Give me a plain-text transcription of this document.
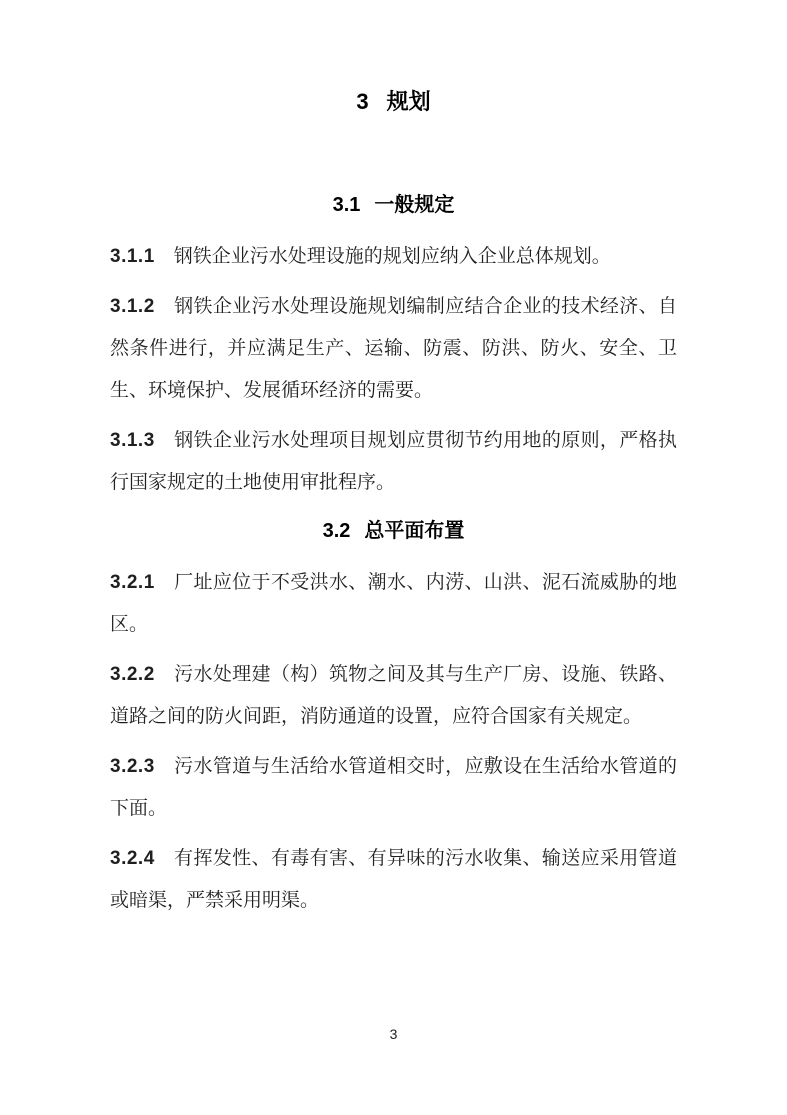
3 规划
3.1 一般规定

3.1.1 钢铁企业污水处理设施的规划应纳入企业总体规划。

3.1.2 钢铁企业污水处理设施规划编制应结合企业的技术经济、自然条件进行，并应满足生产、运输、防震、防洪、防火、安全、卫生、环境保护、发展循环经济的需要。

3.1.3 钢铁企业污水处理项目规划应贯彻节约用地的原则，严格执行国家规定的土地使用审批程序。

3.2 总平面布置

3.2.1 厂址应位于不受洪水、潮水、内涝、山洪、泥石流威胁的地区。

3.2.2 污水处理建（构）筑物之间及其与生产厂房、设施、铁路、道路之间的防火间距，消防通道的设置，应符合国家有关规定。

3.2.3 污水管道与生活给水管道相交时，应敷设在生活给水管道的下面。

3.2.4 有挥发性、有毒有害、有异味的污水收集、输送应采用管道或暗渠，严禁采用明渠。

3
